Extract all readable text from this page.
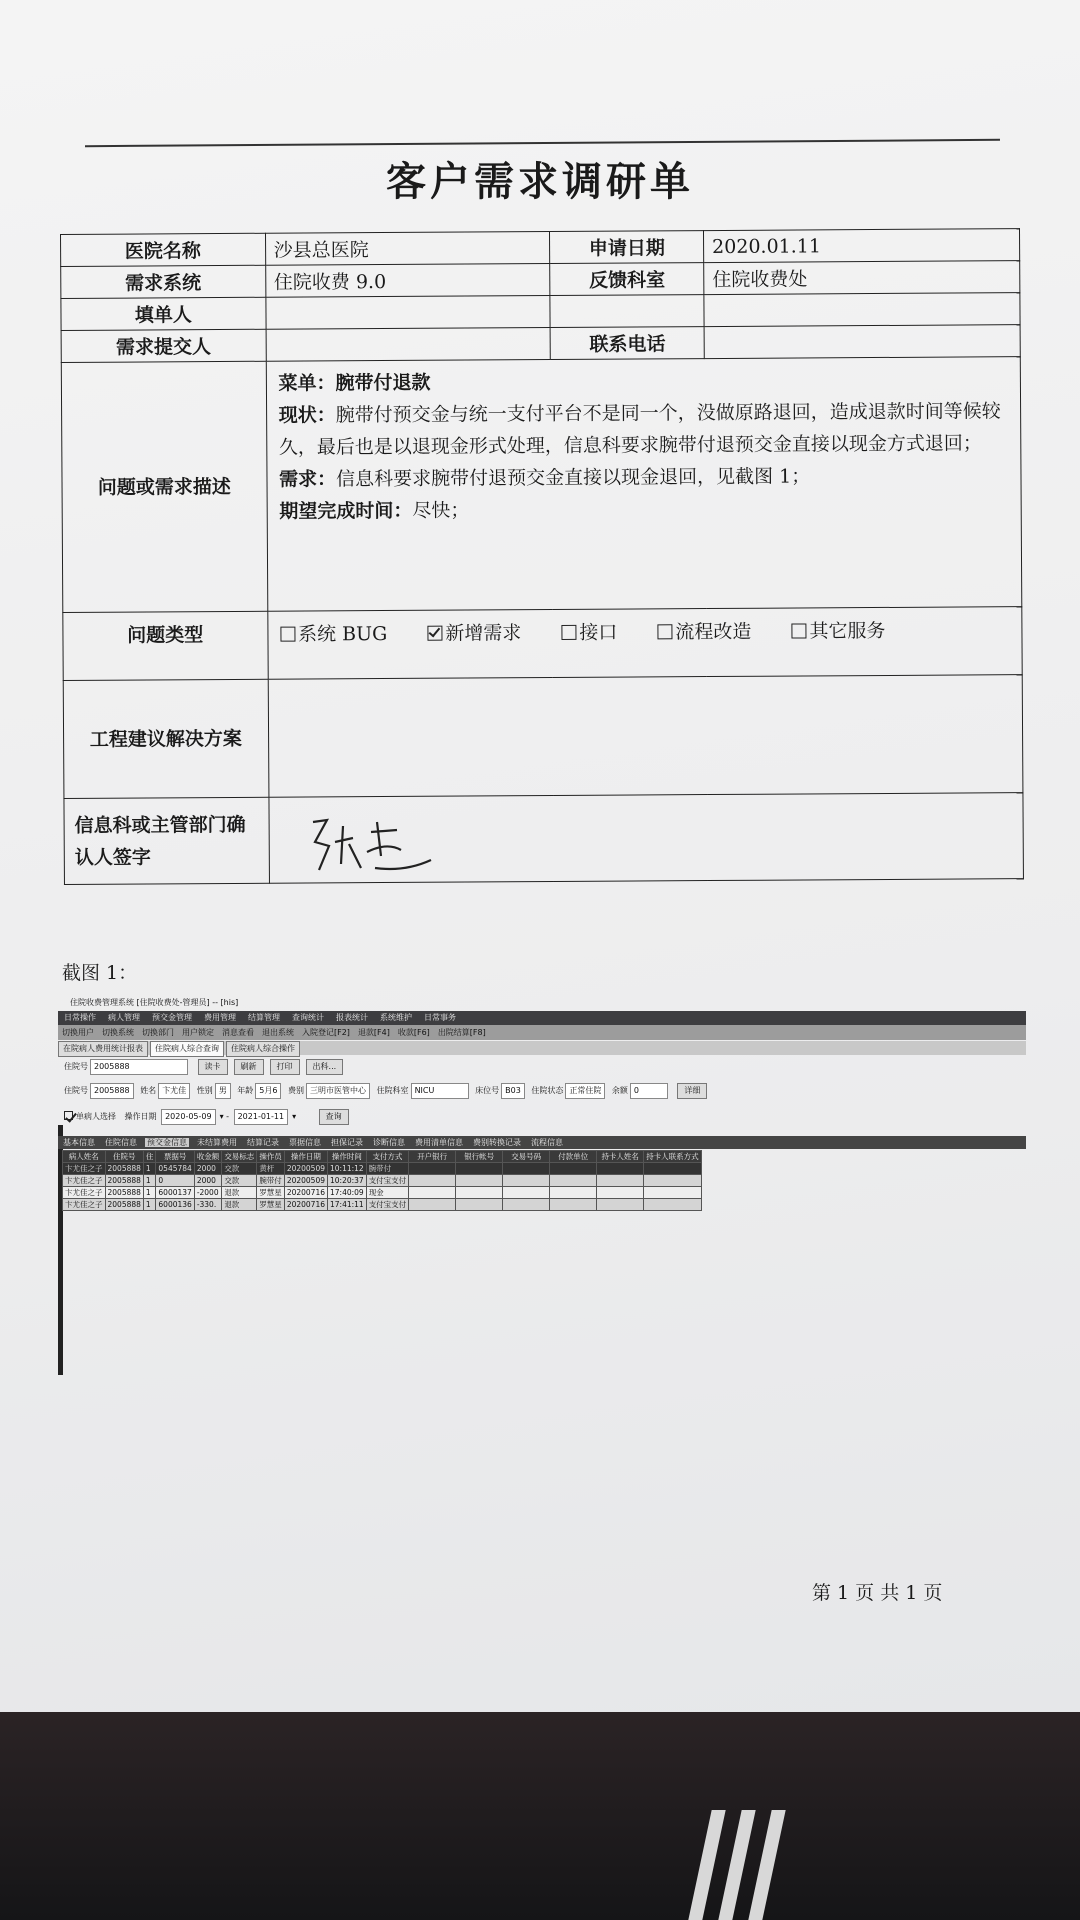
客户需求调研单
医院名称	沙县总医院	申请日期	2020.01.11
需求系统	住院收费 9.0	反馈科室	住院收费处
填单人			
需求提交人		联系电话	
问题或需求描述	菜单：腕带付退款
现状：腕带付预交金与统一支付平台不是同一个，没做原路退回，造成退款时间等候较久，最后也是以退现金形式处理，信息科要求腕带付退预交金直接以现金方式退回；
需求：信息科要求腕带付退预交金直接以现金退回，见截图 1；
期望完成时间：尽快；		

问题类型	系统 BUG 新增需求 接口 流程改造 其它服务		
工程建议解决方案			
信息科或主管部门确认人签字			
截图 1：
住院收费管理系统 [住院收费处-管理员] -- [his]
日常操作 病人管理 预交金管理 费用管理 结算管理 查询统计 报表统计 系统维护 日常事务
切换用户 切换系统 切换部门 用户锁定 消息查看 退出系统 入院登记[F2] 退款[F4] 收款[F6] 出院结算[F8]
在院病人费用统计报表 住院病人综合查询 住院病人综合操作
住院号 2005888	读卡	刷新	打印	出科...
住院号 2005888 姓名 卞尤佳 性别 男 年龄 5月6 费别 三明市医管中心 住院科室 NICU	床位号 B03 住院状态 正常住院 余额 0	详细
单病人选择 操作日期 2020-05-09 ▾ - 2021-01-11 ▾	查询
基本信息 住院信息 预交金信息 未结算费用 结算记录 票据信息 担保记录 诊断信息 费用清单信息 费别转换记录 流程信息
病人姓名	住院号	住	票据号	收金额	交易标志	操作员	操作日期	操作时间	支付方式	开户银行	银行帐号	交易号码	付款单位	持卡人姓名	持卡人联系方式
卞尤佳之子	2005888	1	0545784	2000	交款	黄杆	20200509	10:11:12	腕带付						
卞尤佳之子	2005888	1	0	2000	交款	腕带付	20200509	10:20:37	支付宝支付						
卞尤佳之子	2005888	1	6000137	-2000	退款	罗慧星	20200716	17:40:09	现金						
卞尤佳之子	2005888	1	6000136	-330.	退款	罗慧星	20200716	17:41:11	支付宝支付						
第 1 页 共 1 页
